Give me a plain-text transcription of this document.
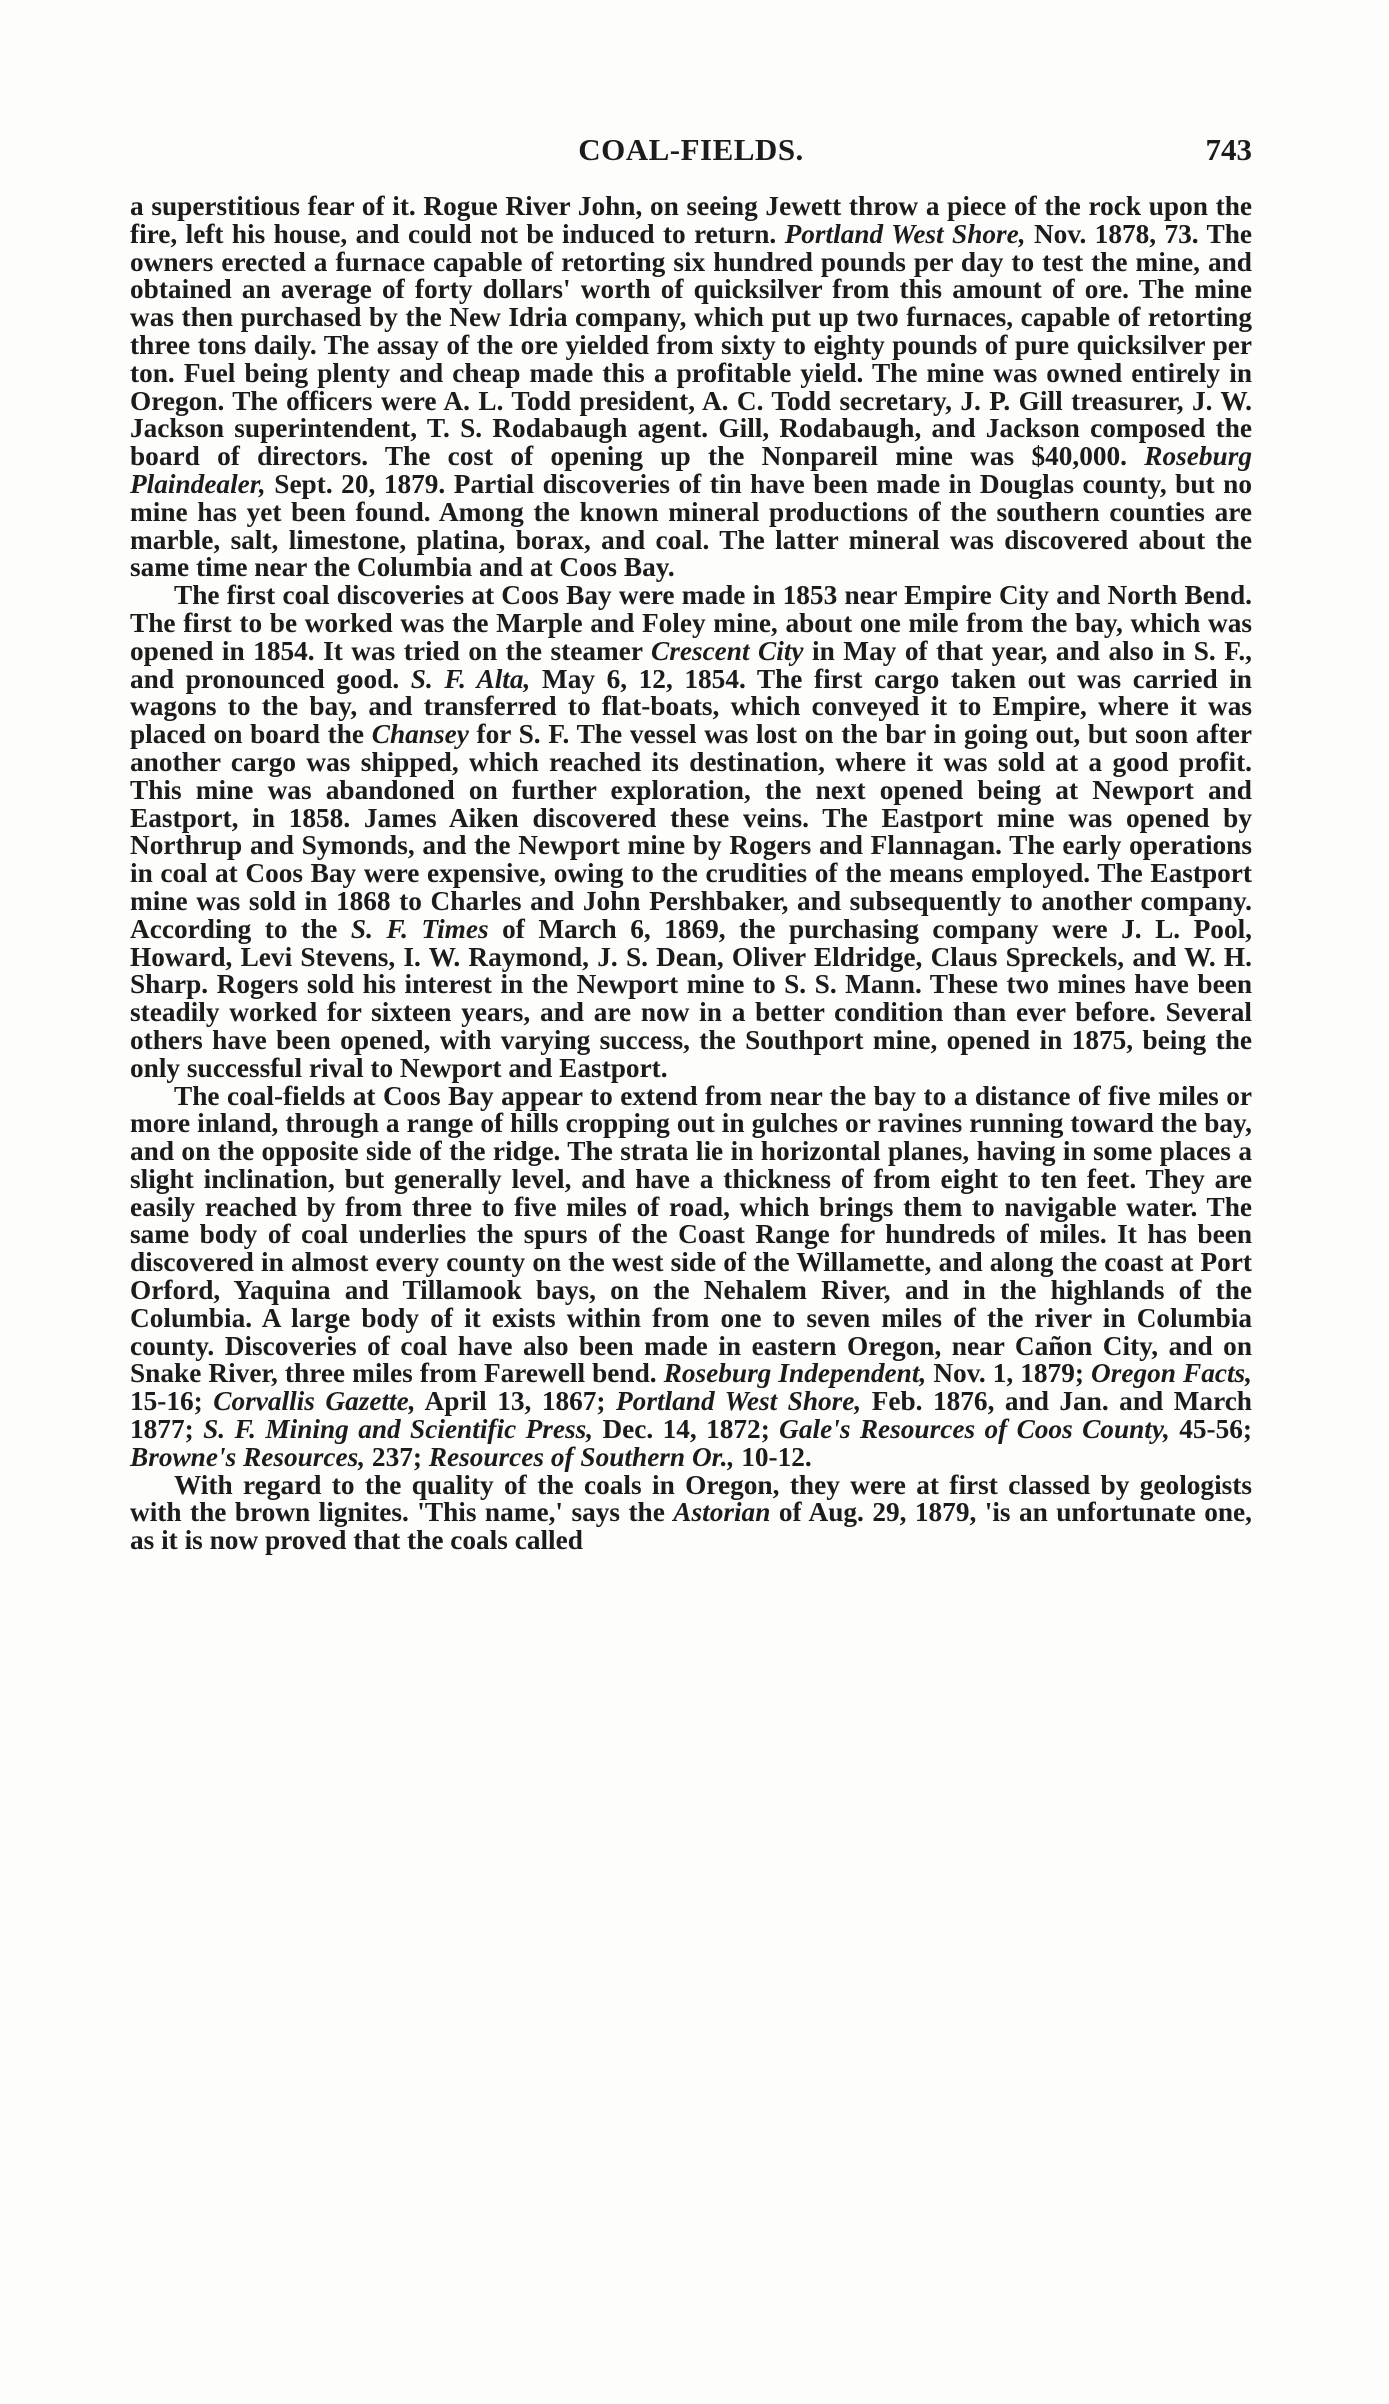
COAL-FIELDS.	743

a superstitious fear of it. Rogue River John, on seeing Jewett throw a piece of the rock upon the fire, left his house, and could not be induced to return. Portland West Shore, Nov. 1878, 73. The owners erected a furnace capable of retorting six hundred pounds per day to test the mine, and obtained an average of forty dollars' worth of quicksilver from this amount of ore. The mine was then purchased by the New Idria company, which put up two furnaces, capable of retorting three tons daily. The assay of the ore yielded from sixty to eighty pounds of pure quicksilver per ton. Fuel being plenty and cheap made this a profitable yield. The mine was owned entirely in Oregon. The officers were A. L. Todd president, A. C. Todd secretary, J. P. Gill treasurer, J. W. Jackson superintendent, T. S. Rodabaugh agent. Gill, Rodabaugh, and Jackson composed the board of directors. The cost of opening up the Nonpareil mine was $40,000. Roseburg Plaindealer, Sept. 20, 1879. Partial discoveries of tin have been made in Douglas county, but no mine has yet been found. Among the known mineral productions of the southern counties are marble, salt, limestone, platina, borax, and coal. The latter mineral was discovered about the same time near the Columbia and at Coos Bay.

The first coal discoveries at Coos Bay were made in 1853 near Empire City and North Bend. The first to be worked was the Marple and Foley mine, about one mile from the bay, which was opened in 1854. It was tried on the steamer Crescent City in May of that year, and also in S. F., and pronounced good. S. F. Alta, May 6, 12, 1854. The first cargo taken out was carried in wagons to the bay, and transferred to flat-boats, which conveyed it to Empire, where it was placed on board the Chansey for S. F. The vessel was lost on the bar in going out, but soon after another cargo was shipped, which reached its destination, where it was sold at a good profit. This mine was abandoned on further exploration, the next opened being at Newport and Eastport, in 1858. James Aiken discovered these veins. The Eastport mine was opened by Northrup and Symonds, and the Newport mine by Rogers and Flannagan. The early operations in coal at Coos Bay were expensive, owing to the crudities of the means employed. The Eastport mine was sold in 1868 to Charles and John Pershbaker, and subsequently to another company. According to the S. F. Times of March 6, 1869, the purchasing company were J. L. Pool, Howard, Levi Stevens, I. W. Raymond, J. S. Dean, Oliver Eldridge, Claus Spreckels, and W. H. Sharp. Rogers sold his interest in the Newport mine to S. S. Mann. These two mines have been steadily worked for sixteen years, and are now in a better condition than ever before. Several others have been opened, with varying success, the Southport mine, opened in 1875, being the only successful rival to Newport and Eastport.

The coal-fields at Coos Bay appear to extend from near the bay to a distance of five miles or more inland, through a range of hills cropping out in gulches or ravines running toward the bay, and on the opposite side of the ridge. The strata lie in horizontal planes, having in some places a slight inclination, but generally level, and have a thickness of from eight to ten feet. They are easily reached by from three to five miles of road, which brings them to navigable water. The same body of coal underlies the spurs of the Coast Range for hundreds of miles. It has been discovered in almost every county on the west side of the Willamette, and along the coast at Port Orford, Yaquina and Tillamook bays, on the Nehalem River, and in the highlands of the Columbia. A large body of it exists within from one to seven miles of the river in Columbia county. Discoveries of coal have also been made in eastern Oregon, near Cañon City, and on Snake River, three miles from Farewell bend. Roseburg Independent, Nov. 1, 1879; Oregon Facts, 15-16; Corvallis Gazette, April 13, 1867; Portland West Shore, Feb. 1876, and Jan. and March 1877; S. F. Mining and Scientific Press, Dec. 14, 1872; Gale's Resources of Coos County, 45-56; Browne's Resources, 237; Resources of Southern Or., 10-12.

With regard to the quality of the coals in Oregon, they were at first classed by geologists with the brown lignites. 'This name,' says the Astorian of Aug. 29, 1879, 'is an unfortunate one, as it is now proved that the coals called
